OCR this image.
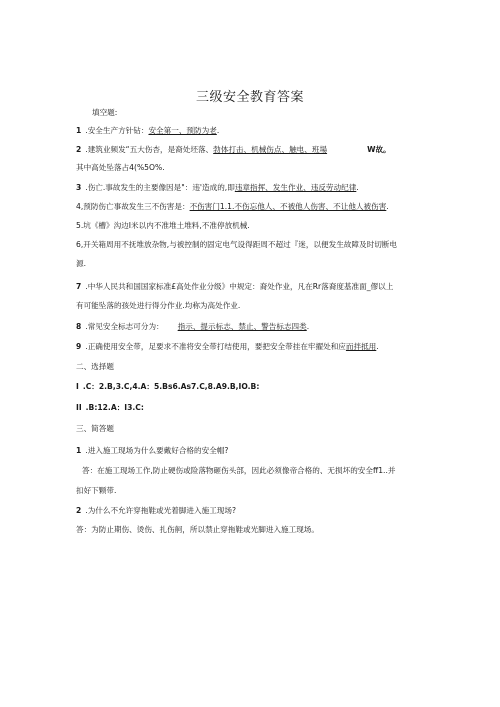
三级安全教育答案
填空题:
1 .安全生产方针钻：安全第一、预防为老.
2 .建筑业频发“五大伤杏，是裔处坯落、勃体打击、机械伤点、触电、班場	W故。
其中高处坠落占4(%5O%.
3 .伤亡.事故发生的主要像因是"：违'造成的,即违章指挥、发生作业、违反劳动纪律.
4,预防伤亡事故发生三不伤害是：不伤害门1.1.不伤忘他人、不被他人伤害、不让他人被伤害.
5.坑《槽》沟边I米以内不准堆土堆料,不准停放机械.
6,开关箱周用不抚堆放杂物,与被控制的固定电气设得距周不超过『迷，以便发生故障及时切断电
源.
7 .中华人民共和国国家标准£高处作业分级》中规定：裔处作业，凡在Rr落裔度基准面_僇以上
有可能坠落的孩处进行得分作业.均称为高处作业.
8 .常见安全标志可分为： 指示、提示标志、禁止、警告标志四类.
9 .正确使用安全带，足要求不准将安全带打结使用，要把安全带挂在牢擢处和应而拌抵用.
二、选择题
I .C：2.B,3.C,4.A：5.Bs6.As7.C,8.A9.B,IO.B:
II .B:12.A：I3.C:
三、简答题
1 .进入施工现场为什么要戴好合格的安全帽?
答：在施工现场工作,防止硬伤或险落物砸伤头部，因此必须像帝合格的、无损坏的安全ff1..并
扣好下颗带.
2 .为什么不允许穿拖鞋或光着脚进入施工现场?
答：为防止期伤、烫伤、扎伤舸，所以禁止穿拖鞋或光脚进入施工现场。
